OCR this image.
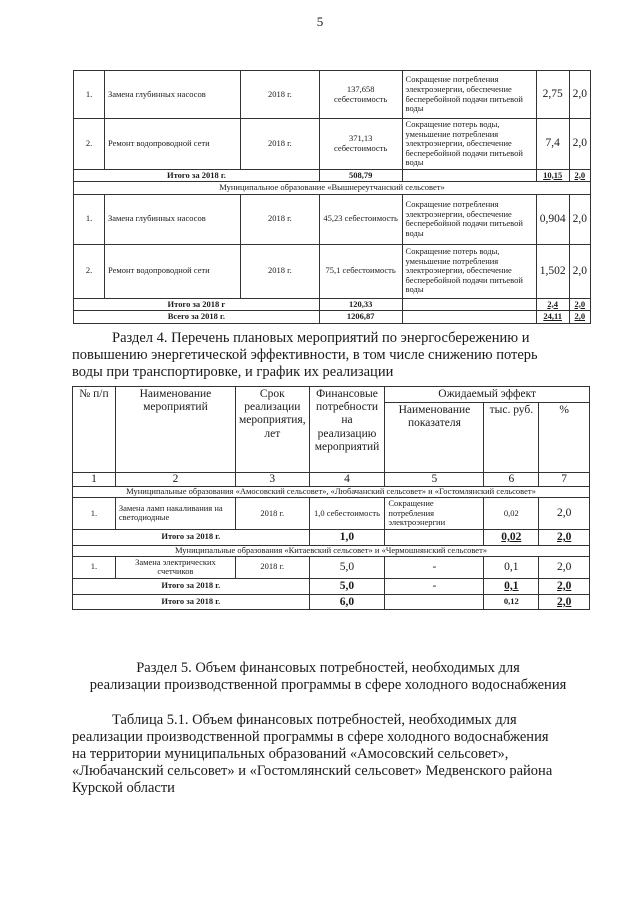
5
1.	Замена глубинных насосов	2018 г.	137,658 себестоимость	Сокращение потребления электроэнергии, обеспечение бесперебойной подачи питьевой воды	2,75	2,0
2.	Ремонт водопроводной сети	2018 г.	371,13 себестоимость	Сокращение потерь воды, уменьшение потребления электроэнергии, обеспечение бесперебойной подачи питьевой воды	7,4	2,0
Итого за 2018 г.			508,79		10,15	2,0
Муниципальное образование «Вышнереутчанский сельсовет»						
1.	Замена глубинных насосов	2018 г.	45,23 себестоимость	Сокращение потребления электроэнергии, обеспечение бесперебойной подачи питьевой воды	0,904	2,0
2.	Ремонт водопроводной сети	2018 г.	75,1 себестоимость	Сокращение потерь воды, уменьшение потребления электроэнергии, обеспечение бесперебойной подачи питьевой воды	1,502	2,0
Итого за 2018 г			120,33		2,4	2,0
Всего за 2018 г.			1206,87		24,11	2,0
Раздел 4. Перечень плановых мероприятий по энергосбережению и
повышению энергетической эффективности, в том числе снижению потерь
воды при транспортировке, и график их реализации
№ п/п	Наименование мероприятий	Срок реализации мероприятия, лет	Финансовые потребности на реализацию мероприятий	Ожидаемый эффект		
				Наименование показателя	тыс. руб.	%
1	2	3	4	5	6	7
Муниципальные образования «Амосовский сельсовет», «Любачанский сельсовет» и «Гостомлянский сельсовет»						
1.	Замена ламп накаливания на светодиодные	2018 г.	1,0 себестоимость	Сокращение потребления электроэнергии	0,02	2,0
Итого за 2018 г.			1,0		0,02	2,0
Муниципальные образования «Китаевский сельсовет» и «Чермошнянский сельсовет»						
1.	Замена электрических счетчиков	2018 г.	5,0	-	0,1	2,0
Итого за 2018 г.			5,0	-	0,1	2,0
Итого за 2018 г.			6,0		0,12	2,0
Раздел 5. Объем финансовых потребностей, необходимых для
реализации производственной программы в сфере холодного водоснабжения
Таблица 5.1. Объем финансовых потребностей, необходимых для
реализации производственной программы в сфере холодного водоснабжения
на территории муниципальных образований «Амосовский сельсовет»,
«Любачанский сельсовет» и «Гостомлянский сельсовет» Медвенского района
Курской области
